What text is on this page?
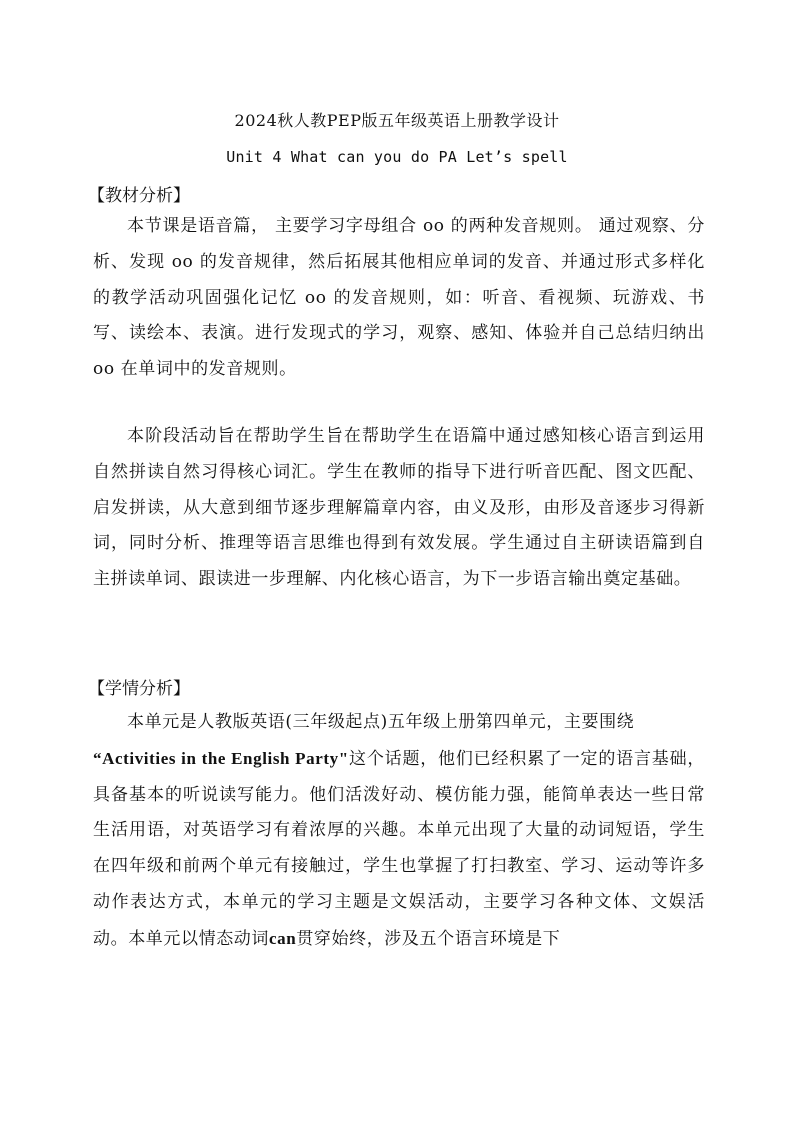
2024秋人教PEP版五年级英语上册教学设计
Unit 4 What can you do PA Let’s spell
【教材分析】

本节课是语音篇， 主要学习字母组合 oo 的两种发音规则。 通过观察、分析、发现 oo 的发音规律，然后拓展其他相应单词的发音、并通过形式多样化的教学活动巩固强化记忆 oo 的发音规则，如：听音、看视频、玩游戏、书写、读绘本、表演。进行发现式的学习，观察、感知、体验并自己总结归纳出 oo 在单词中的发音规则。

本阶段活动旨在帮助学生旨在帮助学生在语篇中通过感知核心语言到运用自然拼读自然习得核心词汇。学生在教师的指导下进行听音匹配、图文匹配、启发拼读，从大意到细节逐步理解篇章内容，由义及形，由形及音逐步习得新词，同时分析、推理等语言思维也得到有效发展。学生通过自主研读语篇到自主拼读单词、跟读进一步理解、内化核心语言，为下一步语言输出奠定基础。

【学情分析】

本单元是人教版英语(三年级起点)五年级上册第四单元，主要围绕
“Activities in the English Party"这个话题，他们已经积累了一定的语言基础，具备基本的听说读写能力。他们活泼好动、模仿能力强，能简单表达一些日常生活用语，对英语学习有着浓厚的兴趣。本单元出现了大量的动词短语，学生在四年级和前两个单元有接触过，学生也掌握了打扫教室、学习、运动等许多动作表达方式，本单元的学习主题是文娱活动，主要学习各种文体、文娱活动。本单元以情态动词can贯穿始终，涉及五个语言环境是下
